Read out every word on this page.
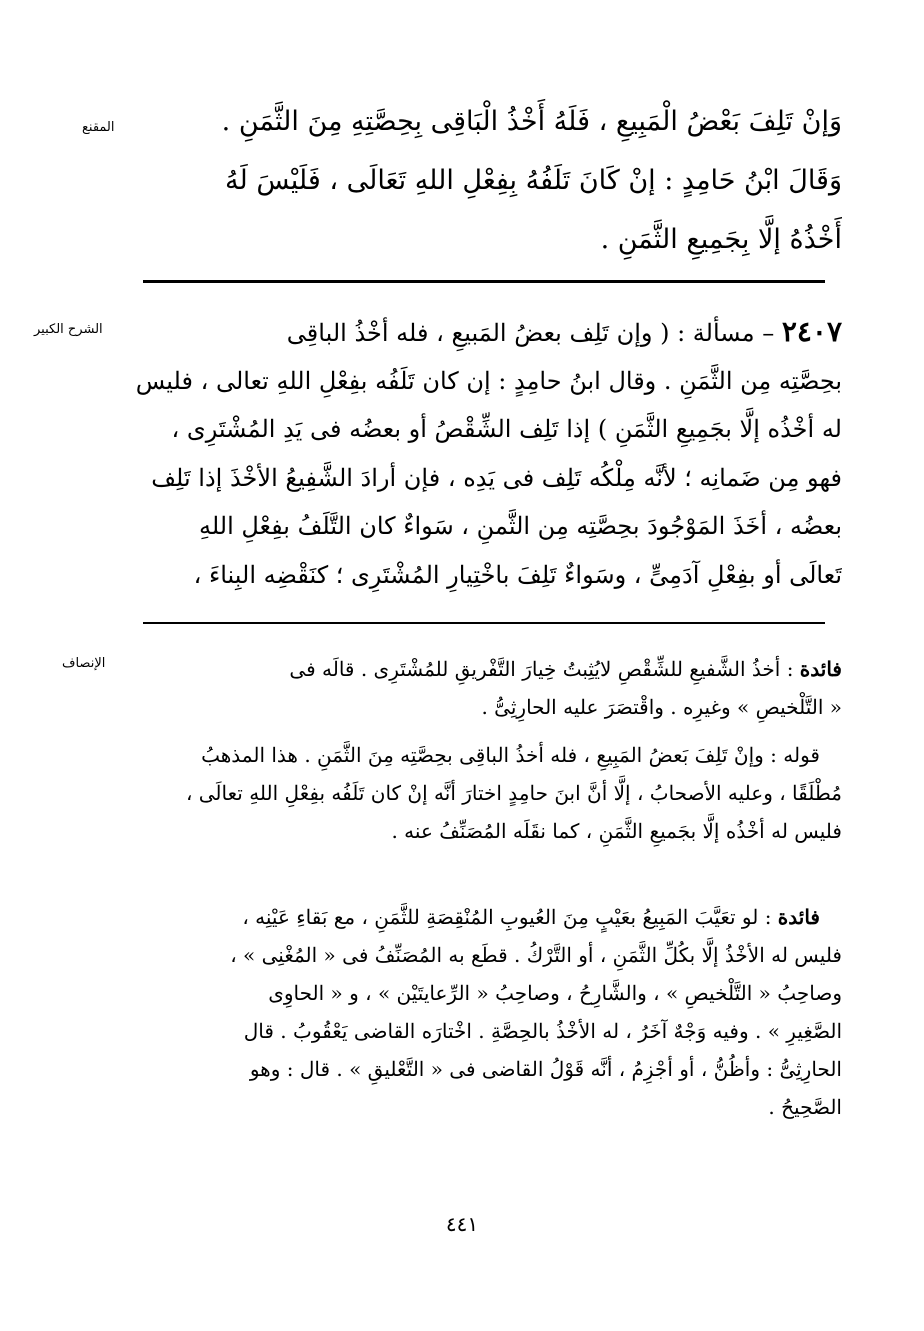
المقنع	وَإنْ تَلِفَ بَعْضُ الْمَبِيعِ ، فَلَهُ أَخْذُ الْبَاقِى بِحِصَّتِهِ مِنَ الثَّمَنِ .
وَقَالَ ابْنُ حَامِدٍ : إنْ كَانَ تَلَفُهُ بِفِعْلِ اللهِ تَعَالَى ، فَلَيْسَ لَهُ
أَخْذُهُ إلَّا بِجَمِيعِ الثَّمَنِ .
الشرح الكبير	٢٤٠٧ – مسألة : ( وإن تَلِف بعضُ المَبيعِ ، فله أخْذُ الباقِى
بحِصَّتِه مِن الثَّمَنِ . وقال ابنُ حامِدٍ : إن كان تَلَفُه بفِعْلِ اللهِ تعالى ، فليس
له أخْذُه إلَّا بجَمِيعِ الثَّمَنِ ) إذا تَلِف الشِّقْصُ أو بعضُه فى يَدِ المُشْتَرِى ،
فهو مِن ضَمانِه ؛ لأنَّه مِلْكُه تَلِف فى يَدِه ، فإن أرادَ الشَّفِيعُ الأخْذَ إذا تَلِف
بعضُه ، أخَذَ المَوْجُودَ بحِصَّتِه مِن الثَّمنِ ، سَواءٌ كان التَّلَفُ بفِعْلِ اللهِ
تَعالَى أو بفِعْلِ آدَمِىٍّ ، وسَواءٌ تَلِفَ باخْتِيارِ المُشْتَرِى ؛ كنَقْضِه البِناءَ ،
الإنصاف	فائدة : أخذُ الشَّفيعِ للشِّقْصِ لايُثِبتُ خِيارَ التَّفْريقِ للمُشْتَرِى . قالَه فى
« التَّلْخيصِ » وغيرِه . واقْتصَرَ عليه الحارِثِىُّ .
قوله : وإنْ تَلِفَ بَعضُ المَبِيعِ ، فله أخذُ الباقِى بحِصَّتِه مِنَ الثَّمَنِ . هذا المذهبُ
مُطْلَقًا ، وعليه الأصحابُ ، إلَّا أنَّ ابنَ حامِدٍ اختارَ أنَّه إنْ كان تَلَفُه بفِعْلِ اللهِ تعالَى ،
فليس له أخْذُه إلَّا بجَميعِ الثَّمَنِ ، كما نقَلَه المُصَنِّفُ عنه .
فائدة : لو تعَيَّبَ المَبِيعُ بعَيْبٍ مِنَ العُيوبِ المُنْقِصَةِ للثَّمَنِ ، مع بَقاءِ عَيْنِه ،
فليس له الأخْذُ إلَّا بكُلِّ الثَّمَنِ ، أو التَّرْكُ . قطَع به المُصَنِّفُ فى « المُغْنِى » ،
وصاحِبُ « التَّلْخيصِ » ، والشَّارِحُ ، وصاحِبُ « الرِّعايتَيْن » ، و « الحاوِى
الصَّغِيرِ » . وفيه وَجْهٌ آخَرُ ، له الأخْذُ بالحِصَّةِ . اخْتارَه القاضى يَعْقُوبُ . قال
الحارِثِىُّ : وأظُنُّ ، أو أجْزِمُ ، أنَّه قَوْلُ القاضى فى « التَّعْليقِ » . قال : وهو
الصَّحِيحُ .
٤٤١
